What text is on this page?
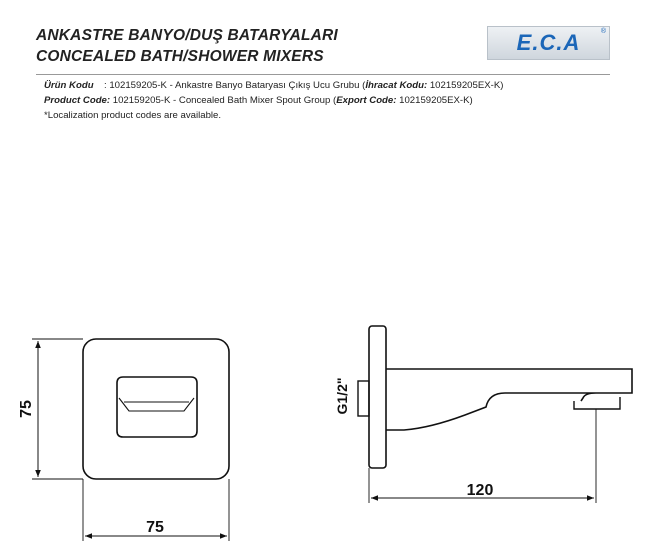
ANKASTRE BANYO/DUŞ BATARYALARI
CONCEALED BATH/SHOWER MIXERS
E.C.A	®
Ürün Kodu : 102159205-K - Ankastre Banyo Bataryası Çıkış Ucu Grubu (İhracat Kodu: 102159205EX-K)
Product Code: 102159205-K - Concealed Bath Mixer Spout Group (Export Code: 102159205EX-K)
*Localization product codes are available.
75
75
G1/2"
120
